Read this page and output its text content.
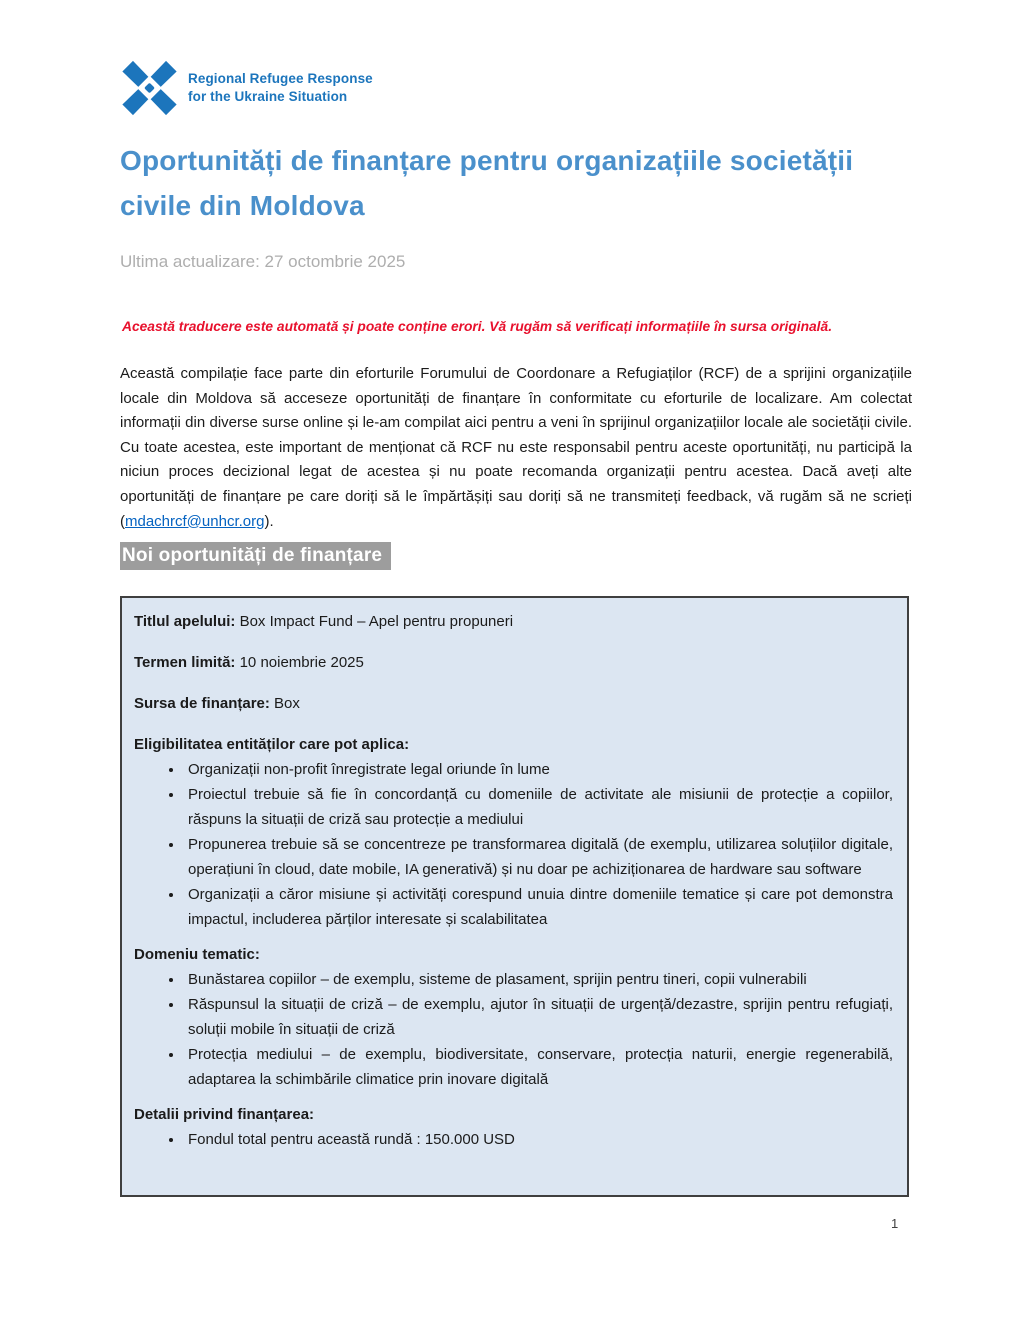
Regional Refugee Response
for the Ukraine Situation
Oportunități de finanțare pentru organizațiile societății civile din Moldova

Ultima actualizare: 27 octombrie 2025

Această traducere este automată și poate conține erori. Vă rugăm să verificați informațiile în sursa originală.

Această compilație face parte din eforturile Forumului de Coordonare a Refugiaților (RCF) de a sprijini organizațiile locale din Moldova să acceseze oportunități de finanțare în conformitate cu eforturile de localizare. Am colectat informații din diverse surse online și le-am compilat aici pentru a veni în sprijinul organizațiilor locale ale societății civile. Cu toate acestea, este important de menționat că RCF nu este responsabil pentru aceste oportunități, nu participă la niciun proces decizional legat de acestea și nu poate recomanda organizații pentru acestea. Dacă aveți alte oportunități de finanțare pe care doriți să le împărtășiți sau doriți să ne transmiteți feedback, vă rugăm să ne scrieți (mdachrcf@unhcr.org).

Noi oportunități de finanțare

Titlul apelului: Box Impact Fund – Apel pentru propuneri

Termen limită: 10 noiembrie 2025

Sursa de finanțare: Box

Eligibilitatea entităților care pot aplica:

• Organizații non-profit înregistrate legal oriunde în lume
• Proiectul trebuie să fie în concordanță cu domeniile de activitate ale misiunii de protecție a copiilor, răspuns la situații de criză sau protecție a mediului
• Propunerea trebuie să se concentreze pe transformarea digitală (de exemplu, utilizarea soluțiilor digitale, operațiuni în cloud, date mobile, IA generativă) și nu doar pe achiziționarea de hardware sau software
• Organizații a căror misiune și activități corespund unuia dintre domeniile tematice și care pot demonstra impactul, includerea părților interesate și scalabilitatea

Domeniu tematic:

• Bunăstarea copiilor – de exemplu, sisteme de plasament, sprijin pentru tineri, copii vulnerabili
• Răspunsul la situații de criză – de exemplu, ajutor în situații de urgență/dezastre, sprijin pentru refugiați, soluții mobile în situații de criză
• Protecția mediului – de exemplu, biodiversitate, conservare, protecția naturii, energie regenerabilă, adaptarea la schimbările climatice prin inovare digitală

Detalii privind finanțarea:

• Fondul total pentru această rundă : 150.000 USD
1
